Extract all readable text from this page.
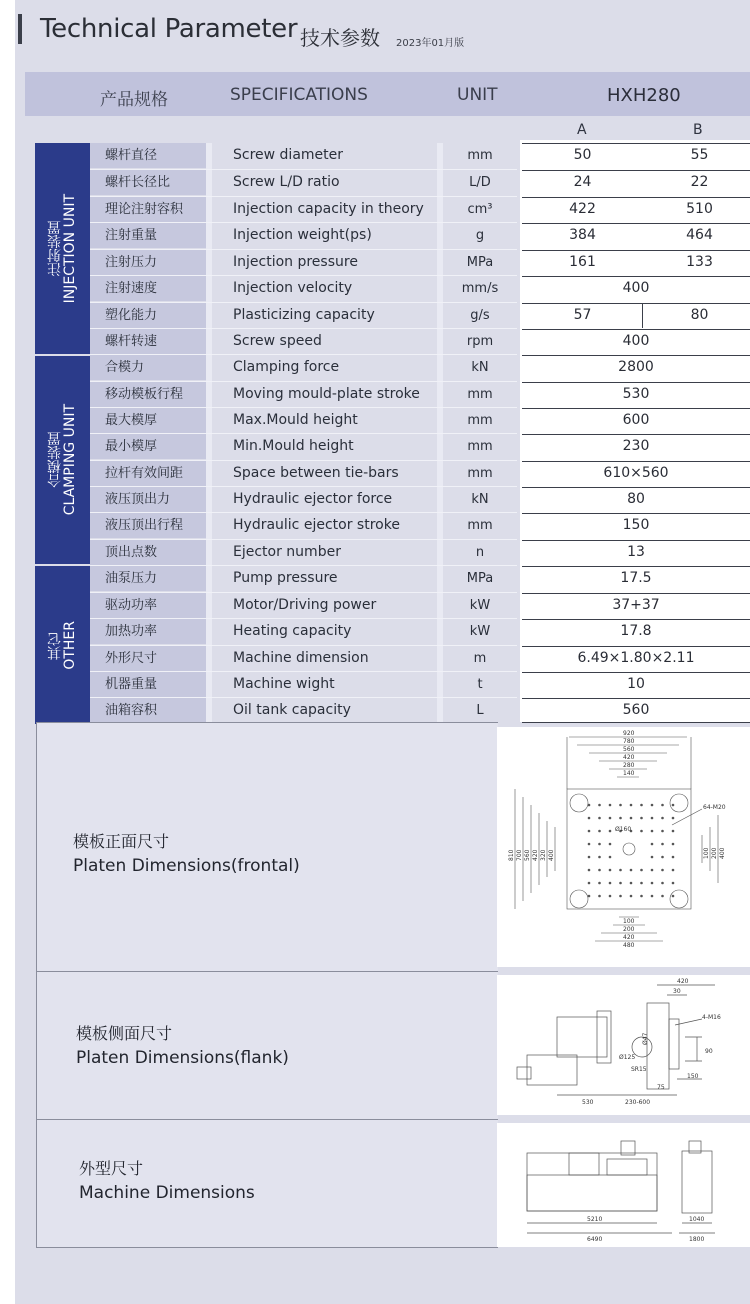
Technical Parameter 技术参数 2023年01月版
产品规格	SPECIFICATIONS	UNIT	HXH280
A	B
注射装置
INJECTION UNIT
合模装置
CLAMPING UNIT
其它
OTHER
螺杆直径	Screw diameter	mm	50	55
螺杆长径比	Screw L/D ratio	L/D	24	22
理论注射容积	Injection capacity in theory	cm³	422	510
注射重量	Injection weight(ps)	g	384	464
注射压力	Injection pressure	MPa	161	133
注射速度	Injection velocity	mm/s	400
塑化能力	Plasticizing capacity	g/s	57	80
螺杆转速	Screw speed	rpm	400
合模力	Clamping force	kN	2800
移动模板行程	Moving mould-plate stroke	mm	530
最大模厚	Max.Mould height	mm	600
最小模厚	Min.Mould height	mm	230
拉杆有效间距	Space between tie-bars	mm	610×560
液压顶出力	Hydraulic ejector force	kN	80
液压顶出行程	Hydraulic ejector stroke	mm	150
顶出点数	Ejector number	n	13
油泵压力	Pump pressure	MPa	17.5
驱动功率	Motor/Driving power	kW	37+37
加热功率	Heating capacity	kW	17.8
外形尺寸	Machine dimension	m	6.49×1.80×2.11
机器重量	Machine wight	t	10
油箱容积	Oil tank capacity	L	560
模板正面尺寸
Platen Dimensions(frontal)
模板侧面尺寸
Platen Dimensions(flank)
外型尺寸
Machine Dimensions
920
780
560
420
280
140
64-M20
Ø160
810 700 560 420 320 400	100 200 400
100
200
420
480
420
30
4-M16
90
150
530	230-600
75
Ø125
SR15
Ø47
5210
6490
1040
1800
